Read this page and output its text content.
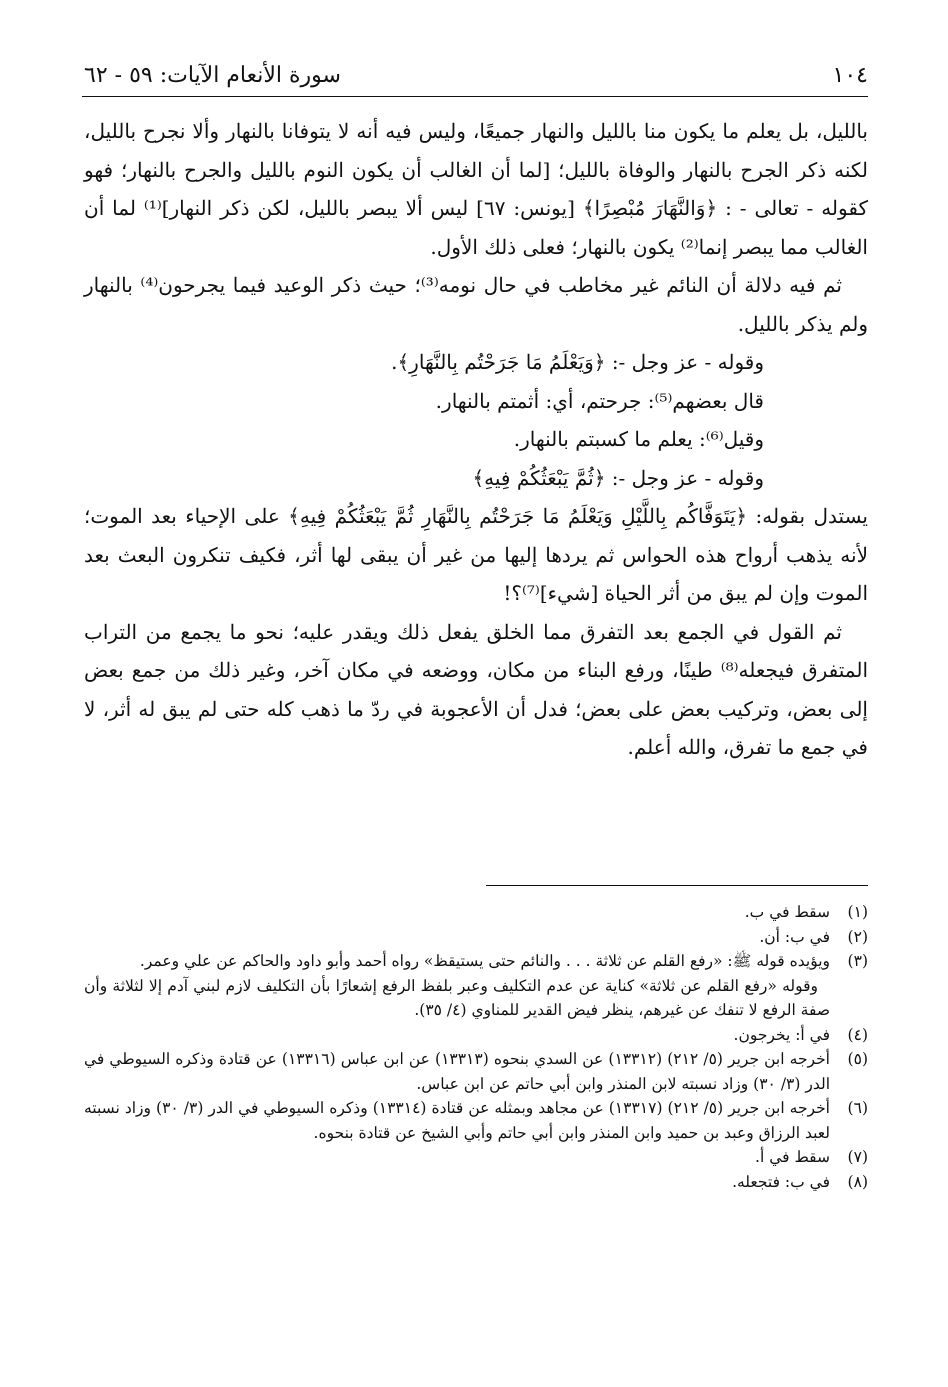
١٠٤
سورة الأنعام الآيات: ٥٩ - ٦٢

بالليل، بل يعلم ما يكون منا بالليل والنهار جميعًا، وليس فيه أنه لا يتوفانا بالنهار وألا نجرح بالليل، لكنه ذكر الجرح بالنهار والوفاة بالليل؛ [لما أن الغالب أن يكون النوم بالليل والجرح بالنهار؛ فهو كقوله - تعالى - : ﴿وَالنَّهَارَ مُبْصِرًا﴾ [يونس: ٦٧] ليس ألا يبصر بالليل، لكن ذكر النهار]⁽¹⁾ لما أن الغالب مما يبصر إنما⁽²⁾ يكون بالنهار؛ فعلى ذلك الأول.

ثم فيه دلالة أن النائم غير مخاطب في حال نومه⁽³⁾؛ حيث ذكر الوعيد فيما يجرحون⁽⁴⁾ بالنهار ولم يذكر بالليل.

وقوله - عز وجل -: ﴿وَيَعْلَمُ مَا جَرَحْتُم بِالنَّهَارِ﴾.

قال بعضهم⁽⁵⁾: جرحتم، أي: أثمتم بالنهار.

وقيل⁽⁶⁾: يعلم ما كسبتم بالنهار.

وقوله - عز وجل -: ﴿ثُمَّ يَبْعَثُكُمْ فِيهِ﴾

يستدل بقوله: ﴿يَتَوَفَّاكُم بِاللَّيْلِ وَيَعْلَمُ مَا جَرَحْتُم بِالنَّهَارِ ثُمَّ يَبْعَثُكُمْ فِيهِ﴾ على الإحياء بعد الموت؛ لأنه يذهب أرواح هذه الحواس ثم يردها إليها من غير أن يبقى لها أثر، فكيف تنكرون البعث بعد الموت وإن لم يبق من أثر الحياة [شيء]⁽⁷⁾؟!

ثم القول في الجمع بعد التفرق مما الخلق يفعل ذلك ويقدر عليه؛ نحو ما يجمع من التراب المتفرق فيجعله⁽⁸⁾ طينًا، ورفع البناء من مكان، ووضعه في مكان آخر، وغير ذلك من جمع بعض إلى بعض، وتركيب بعض على بعض؛ فدل أن الأعجوبة في ردّ ما ذهب كله حتى لم يبق له أثر، لا في جمع ما تفرق، والله أعلم.

(١)
سقط في ب.
(٢)
في ب: أن.
(٣)
ويؤيده قوله ﷺ: «رفع القلم عن ثلاثة . . . والنائم حتى يستيقظ» رواه أحمد وأبو داود والحاكم عن علي وعمر.
وقوله «رفع القلم عن ثلاثة» كناية عن عدم التكليف وعبر بلفظ الرفع إشعارًا بأن التكليف لازم لبني آدم إلا لثلاثة وأن صفة الرفع لا تنفك عن غيرهم، ينظر فيض القدير للمناوي (٤/ ٣٥).
(٤)
في أ: يخرجون.
(٥)
أخرجه ابن جرير (٥/ ٢١٢) (١٣٣١٢) عن السدي بنحوه (١٣٣١٣) عن ابن عباس (١٣٣١٦) عن قتادة وذكره السيوطي في الدر (٣/ ٣٠) وزاد نسبته لابن المنذر وابن أبي حاتم عن ابن عباس.
(٦)
أخرجه ابن جرير (٥/ ٢١٢) (١٣٣١٧) عن مجاهد وبمثله عن قتادة (١٣٣١٤) وذكره السيوطي في الدر (٣/ ٣٠) وزاد نسبته لعبد الرزاق وعبد بن حميد وابن المنذر وابن أبي حاتم وأبي الشيخ عن قتادة بنحوه.
(٧)
سقط في أ.
(٨)
في ب: فتجعله.
